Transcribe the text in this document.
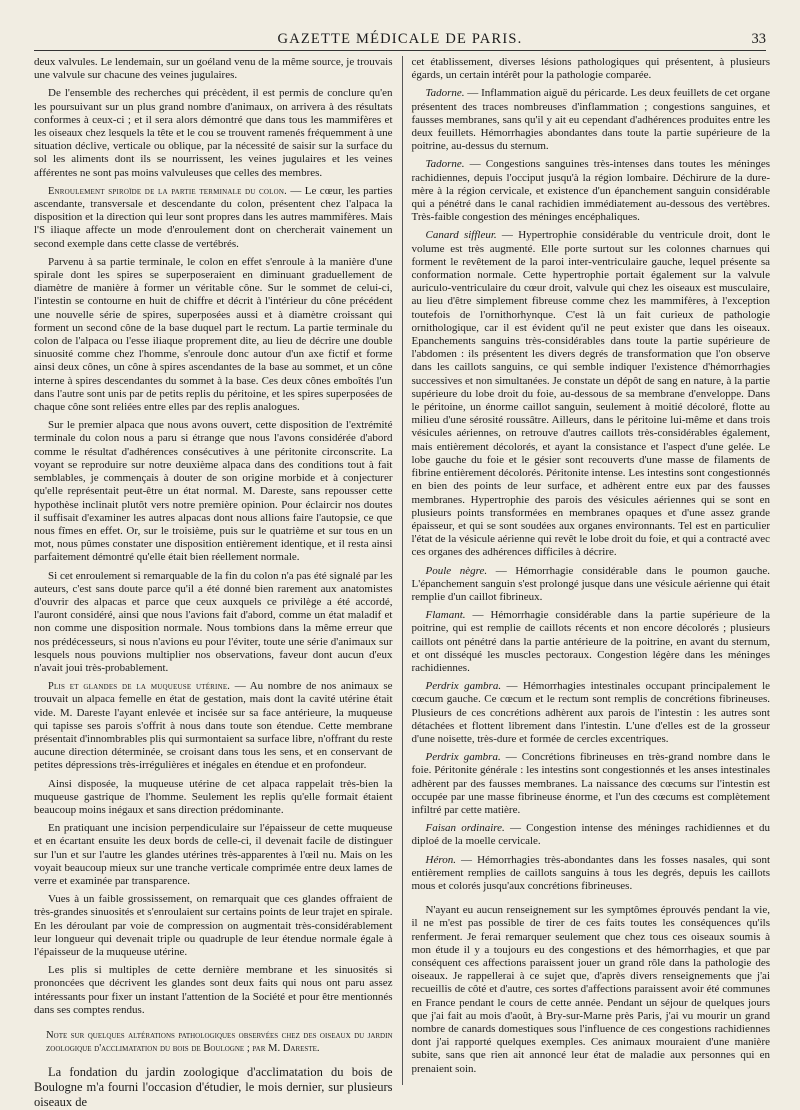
GAZETTE MÉDICALE DE PARIS.	33

deux valvules. Le lendemain, sur un goéland venu de la même source, je trouvais une valvule sur chacune des veines jugulaires.

De l'ensemble des recherches qui précèdent, il est permis de conclure qu'en les poursuivant sur un plus grand nombre d'animaux, on arrivera à des résultats conformes à ceux-ci ; et il sera alors démontré que dans tous les mammifères et les oiseaux chez lesquels la tête et le cou se trouvent ramenés fréquemment à une situation déclive, verticale ou oblique, par la nécessité de saisir sur la surface du sol les aliments dont ils se nourrissent, les veines jugulaires et les veines afférentes ne sont pas moins valvuleuses que celles des membres.

Enroulement spiroïde de la partie terminale du colon. — Le cœur, les parties ascendante, transversale et descendante du colon, présentent chez l'alpaca la disposition et la direction qui leur sont propres dans les autres mammifères. Mais l'S iliaque affecte un mode d'enroulement dont on chercherait vainement un second exemple dans cette classe de vertébrés.

Parvenu à sa partie terminale, le colon en effet s'enroule à la manière d'une spirale dont les spires se superposeraient en diminuant graduellement de diamètre de manière à former un véritable cône. Sur le sommet de celui-ci, l'intestin se contourne en huit de chiffre et décrit à l'intérieur du cône précédent une nouvelle série de spires, superposées aussi et à diamètre croissant qui forment un second cône de la base duquel part le rectum. La partie terminale du colon de l'alpaca ou l'esse iliaque proprement dite, au lieu de décrire une double sinuosité comme chez l'homme, s'enroule donc autour d'un axe fictif et forme ainsi deux cônes, un cône à spires ascendantes de la base au sommet, et un cône interne à spires descendantes du sommet à la base. Ces deux cônes emboîtés l'un dans l'autre sont unis par de petits replis du péritoine, et les spires superposées de chaque cône sont reliées entre elles par des replis analogues.

Sur le premier alpaca que nous avons ouvert, cette disposition de l'extrémité terminale du colon nous a paru si étrange que nous l'avons considérée d'abord comme le résultat d'adhérences consécutives à une péritonite circonscrite. La voyant se reproduire sur notre deuxième alpaca dans des conditions tout à fait semblables, je commençais à douter de son origine morbide et à conjecturer qu'elle représentait peut-être un état normal. M. Dareste, sans repousser cette hypothèse inclinait plutôt vers notre première opinion. Pour éclaircir nos doutes il suffisait d'examiner les autres alpacas dont nous allions faire l'autopsie, ce que nous fîmes en effet. Or, sur le troisième, puis sur le quatrième et sur tous en un mot, nous pûmes constater une disposition entièrement identique, et il resta ainsi parfaitement démontré qu'elle était bien réellement normale.

Si cet enroulement si remarquable de la fin du colon n'a pas été signalé par les auteurs, c'est sans doute parce qu'il a été donné bien rarement aux anatomistes d'ouvrir des alpacas et parce que ceux auxquels ce privilège a été accordé, l'auront considéré, ainsi que nous l'avions fait d'abord, comme un état maladif et non comme une disposition normale. Nous tombions dans la même erreur que nos prédécesseurs, si nous n'avions eu pour l'éviter, toute une série d'animaux sur lesquels nous pouvions multiplier nos observations, faveur dont aucun d'eux n'avait joui très-probablement.

Plis et glandes de la muqueuse utérine. — Au nombre de nos animaux se trouvait un alpaca femelle en état de gestation, mais dont la cavité utérine était vide. M. Dareste l'ayant enlevée et incisée sur sa face antérieure, la muqueuse qui tapisse ses parois s'offrit à nous dans toute son étendue. Cette membrane présentait d'innombrables plis qui surmontaient sa surface libre, n'offrant du reste aucune direction déterminée, se croisant dans tous les sens, et en conservant de petites dépressions très-irrégulières et inégales en étendue et en profondeur.

Ainsi disposée, la muqueuse utérine de cet alpaca rappelait très-bien la muqueuse gastrique de l'homme. Seulement les replis qu'elle formait étaient beaucoup moins inégaux et sans direction prédominante.

En pratiquant une incision perpendiculaire sur l'épaisseur de cette muqueuse et en écartant ensuite les deux bords de celle-ci, il devenait facile de distinguer sur l'un et sur l'autre les glandes utérines très-apparentes à l'œil nu. Mais on les voyait beaucoup mieux sur une tranche verticale comprimée entre deux lames de verre et examinée par transparence.

Vues à un faible grossissement, on remarquait que ces glandes offraient de très-grandes sinuosités et s'enroulaient sur certains points de leur trajet en spirale. En les déroulant par voie de compression on augmentait très-considérablement leur longueur qui devenait triple ou quadruple de leur étendue normale égale à l'épaisseur de la muqueuse utérine.

Les plis si multiples de cette dernière membrane et les sinuosités si prononcées que décrivent les glandes sont deux faits qui nous ont paru assez intéressants pour fixer un instant l'attention de la Société et pour être mentionnés dans ses comptes rendus.

Note sur quelques altérations pathologiques observées chez des oiseaux du jardin zoologique d'acclimatation du bois de Boulogne ; par M. Dareste.

La fondation du jardin zoologique d'acclimatation du bois de Boulogne m'a fourni l'occasion d'étudier, le mois dernier, sur plusieurs oiseaux de

cet établissement, diverses lésions pathologiques qui présentent, à plusieurs égards, un certain intérêt pour la pathologie comparée.

Tadorne. — Inflammation aiguë du péricarde. Les deux feuillets de cet organe présentent des traces nombreuses d'inflammation ; congestions sanguines, et fausses membranes, sans qu'il y ait eu cependant d'adhérences produites entre les deux feuillets. Hémorrhagies abondantes dans toute la partie supérieure de la poitrine, au-dessus du sternum.

Tadorne. — Congestions sanguines très-intenses dans toutes les méninges rachidiennes, depuis l'occiput jusqu'à la région lombaire. Déchirure de la dure-mère à la région cervicale, et existence d'un épanchement sanguin considérable qui a pénétré dans le canal rachidien immédiatement au-dessous des vertèbres. Très-faible congestion des méninges encéphaliques.

Canard siffleur. — Hypertrophie considérable du ventricule droit, dont le volume est très augmenté. Elle porte surtout sur les colonnes charnues qui forment le revêtement de la paroi inter-ventriculaire gauche, lequel présente sa conformation normale. Cette hypertrophie portait également sur la valvule auriculo-ventriculaire du cœur droit, valvule qui chez les oiseaux est musculaire, au lieu d'être simplement fibreuse comme chez les mammifères, à l'exception toutefois de l'ornithorhynque. C'est là un fait curieux de pathologie ornithologique, car il est évident qu'il ne peut exister que dans les oiseaux. Epanchements sanguins très-considérables dans toute la partie supérieure de l'abdomen : ils présentent les divers degrés de transformation que l'on observe dans les caillots sanguins, ce qui semble indiquer l'existence d'hémorrhagies successives et non simultanées. Je constate un dépôt de sang en nature, à la partie supérieure du lobe droit du foie, au-dessous de sa membrane d'enveloppe. Dans le péritoine, un énorme caillot sanguin, seulement à moitié décoloré, flotte au milieu d'une sérosité roussâtre. Ailleurs, dans le péritoine lui-même et dans trois vésicules aériennes, on retrouve d'autres caillots très-considérables également, mais entièrement décolorés, et ayant la consistance et l'aspect d'une gelée. Le lobe gauche du foie et le gésier sont recouverts d'une masse de filaments de fibrine entièrement décolorés. Péritonite intense. Les intestins sont congestionnés en bien des points de leur surface, et adhèrent entre eux par des fausses membranes. Hypertrophie des parois des vésicules aériennes qui se sont en plusieurs points transformées en membranes opaques et d'une assez grande épaisseur, et qui se sont soudées aux organes environnants. Tel est en particulier l'état de la vésicule aérienne qui revêt le lobe droit du foie, et qui a contracté avec ces organes des adhérences difficiles à décrire.

Poule nègre. — Hémorrhagie considérable dans le poumon gauche. L'épanchement sanguin s'est prolongé jusque dans une vésicule aérienne qui était remplie d'un caillot fibrineux.

Flamant. — Hémorrhagie considérable dans la partie supérieure de la poitrine, qui est remplie de caillots récents et non encore décolorés ; plusieurs caillots ont pénétré dans la partie antérieure de la poitrine, en avant du sternum, et ont disséqué les muscles pectoraux. Congestion légère dans les méninges rachidiennes.

Perdrix gambra. — Hémorrhagies intestinales occupant principalement le cœcum gauche. Ce cœcum et le rectum sont remplis de concrétions fibrineuses. Plusieurs de ces concrétions adhèrent aux parois de l'intestin : les autres sont détachées et flottent librement dans l'intestin. L'une d'elles est de la grosseur d'une noisette, très-dure et formée de cercles excentriques.

Perdrix gambra. — Concrétions fibrineuses en très-grand nombre dans le foie. Péritonite générale : les intestins sont congestionnés et les anses intestinales adhèrent par des fausses membranes. La naissance des cœcums sur l'intestin est occupée par une masse fibrineuse énorme, et l'un des cœcums est complètement infiltré par cette matière.

Faisan ordinaire. — Congestion intense des méninges rachidiennes et du diploé de la moelle cervicale.

Héron. — Hémorrhagies très-abondantes dans les fosses nasales, qui sont entièrement remplies de caillots sanguins à tous les degrés, depuis les caillots mous et colorés jusqu'aux concrétions fibrineuses.

N'ayant eu aucun renseignement sur les symptômes éprouvés pendant la vie, il ne m'est pas possible de tirer de ces faits toutes les conséquences qu'ils renferment. Je ferai remarquer seulement que chez tous ces oiseaux soumis à mon étude il y a toujours eu des congestions et des hémorrhagies, et que par conséquent ces affections paraissent jouer un grand rôle dans la pathologie des oiseaux. Je rappellerai à ce sujet que, d'après divers renseignements que j'ai recueillis de côté et d'autre, ces sortes d'affections paraissent avoir été communes en France pendant le cours de cette année. Pendant un séjour de quelques jours que j'ai fait au mois d'août, à Bry-sur-Marne près Paris, j'ai vu mourir un grand nombre de canards domestiques sous l'influence de ces congestions rachidiennes dont j'ai rapporté quelques exemples. Ces animaux mouraient d'une manière subite, sans que rien ait annoncé leur état de maladie aux personnes qui en prenaient soin.
